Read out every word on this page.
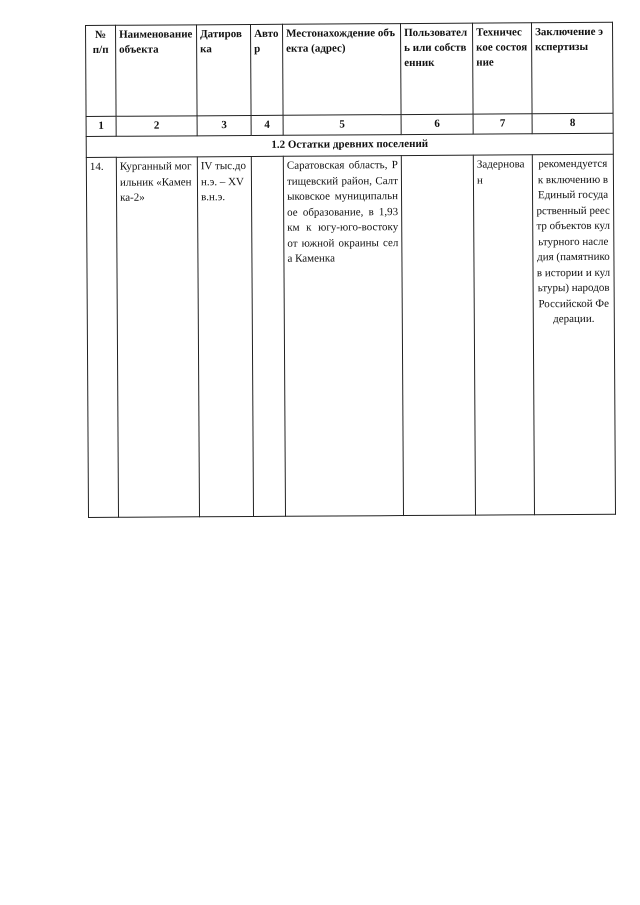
№ п/п	Наименование объекта	Датировка	Автор	Местонахождение объекта (адрес)	Пользователь или собственник	Техническое состояние	Заключение экспертизы
1	2	3	4	5	6	7	8
1.2 Остатки древних поселений							
14.	Курганный могильник «Каменка-2»	IV тыс.до н.э. – XV в.н.э.		Саратовская область, Ртищевский район, Салтыковское муниципальное образование, в 1,93 км к югу-юго-востоку от южной окраины села Каменка		Задернован	рекомендуется к включению в Единый государственный реестр объектов культурного наследия (памятников истории и культуры) народов Российской Федерации.
